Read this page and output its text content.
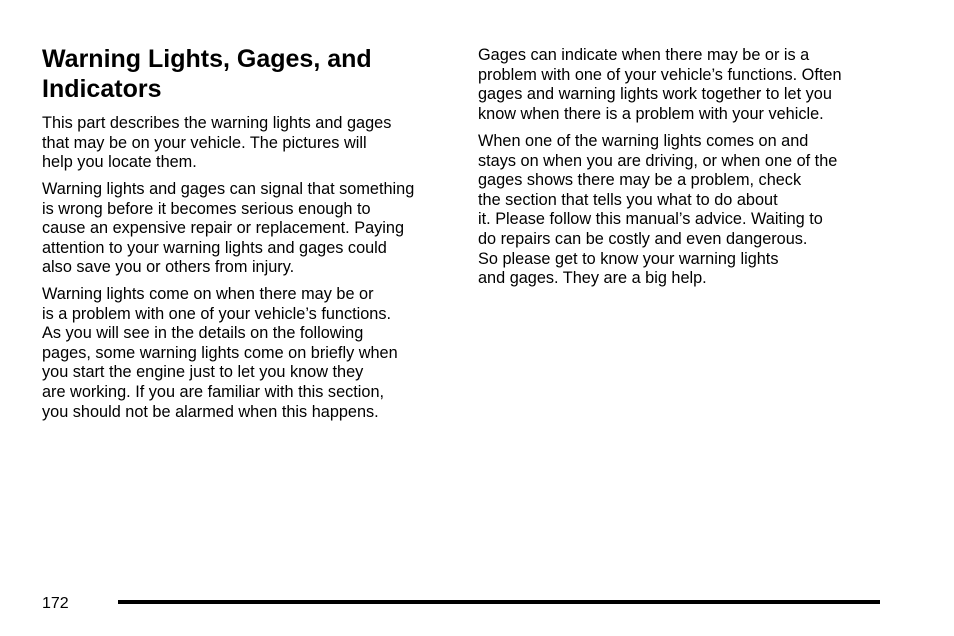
Warning Lights, Gages, and
Indicators

This part describes the warning lights and gages
that may be on your vehicle. The pictures will
help you locate them.

Warning lights and gages can signal that something
is wrong before it becomes serious enough to
cause an expensive repair or replacement. Paying
attention to your warning lights and gages could
also save you or others from injury.

Warning lights come on when there may be or
is a problem with one of your vehicle’s functions.
As you will see in the details on the following
pages, some warning lights come on briefly when
you start the engine just to let you know they
are working. If you are familiar with this section,
you should not be alarmed when this happens.

Gages can indicate when there may be or is a
problem with one of your vehicle’s functions. Often
gages and warning lights work together to let you
know when there is a problem with your vehicle.

When one of the warning lights comes on and
stays on when you are driving, or when one of the
gages shows there may be a problem, check
the section that tells you what to do about
it. Please follow this manual’s advice. Waiting to
do repairs can be costly and even dangerous.
So please get to know your warning lights
and gages. They are a big help.

172
